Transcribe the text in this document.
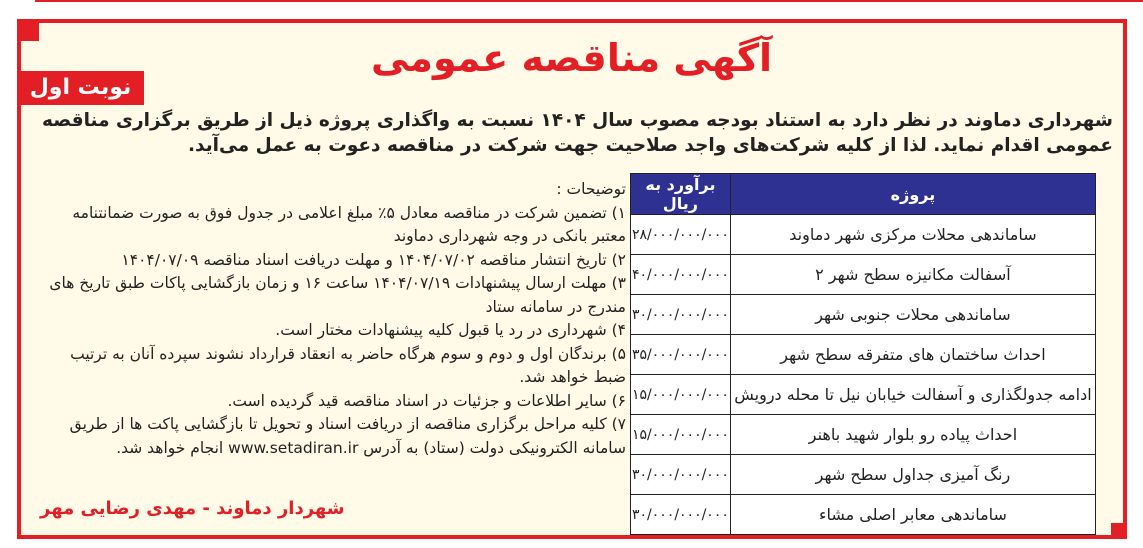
آگهی مناقصه عمومی
نوبت اول
شهرداری دماوند در نظر دارد به استناد بودجه مصوب سال ۱۴۰۴ نسبت به واگذاری پروژه ذیل از طریق برگزاری مناقصه عمومی اقدام نماید. لذا از کلیه شرکت‌های واجد صلاحیت جهت شرکت در مناقصه دعوت به عمل می‌آید.
پروژه	برآورد به ریال
ساماندهی محلات مرکزی شهر دماوند	۲۸/۰۰۰/۰۰۰/۰۰۰
آسفالت مکانیزه سطح شهر ۲	۴۰/۰۰۰/۰۰۰/۰۰۰
ساماندهی محلات جنوبی شهر	۳۰/۰۰۰/۰۰۰/۰۰۰
احداث ساختمان های متفرقه سطح شهر	۳۵/۰۰۰/۰۰۰/۰۰۰
ادامه جدولگذاری و آسفالت خیابان نیل تا محله درویش	۱۵/۰۰۰/۰۰۰/۰۰۰
احداث پیاده رو بلوار شهید باهنر	۱۵/۰۰۰/۰۰۰/۰۰۰
رنگ آمیزی جداول سطح شهر	۳۰/۰۰۰/۰۰۰/۰۰۰
ساماندهی معابر اصلی مشاء	۳۰/۰۰۰/۰۰۰/۰۰۰

توضیحات :

۱) تضمین شرکت در مناقصه معادل ۵٪ مبلغ اعلامی در جدول فوق به صورت ضمانتنامه معتبر بانکی در وجه شهرداری دماوند

۲) تاریخ انتشار مناقصه ۱۴۰۴/۰۷/۰۲ و مهلت دریافت اسناد مناقصه ۱۴۰۴/۰۷/۰۹

۳) مهلت ارسال پیشنهادات ۱۴۰۴/۰۷/۱۹ ساعت ۱۶ و زمان بازگشایی پاکات طبق تاریخ های مندرج در سامانه ستاد

۴) شهرداری در رد یا قبول کلیه پیشنهادات مختار است.

۵) برندگان اول و دوم و سوم هرگاه حاضر به انعقاد قرارداد نشوند سپرده آنان به ترتیب ضبط خواهد شد.

۶) سایر اطلاعات و جزئیات در اسناد مناقصه قید گردیده است.

۷) کلیه مراحل برگزاری مناقصه از دریافت اسناد و تحویل تا بازگشایی پاکت ها از طریق سامانه الکترونیکی دولت (ستاد) به آدرس www.setadiran.ir انجام خواهد شد.

شهردار دماوند - مهدی رضایی مهر
